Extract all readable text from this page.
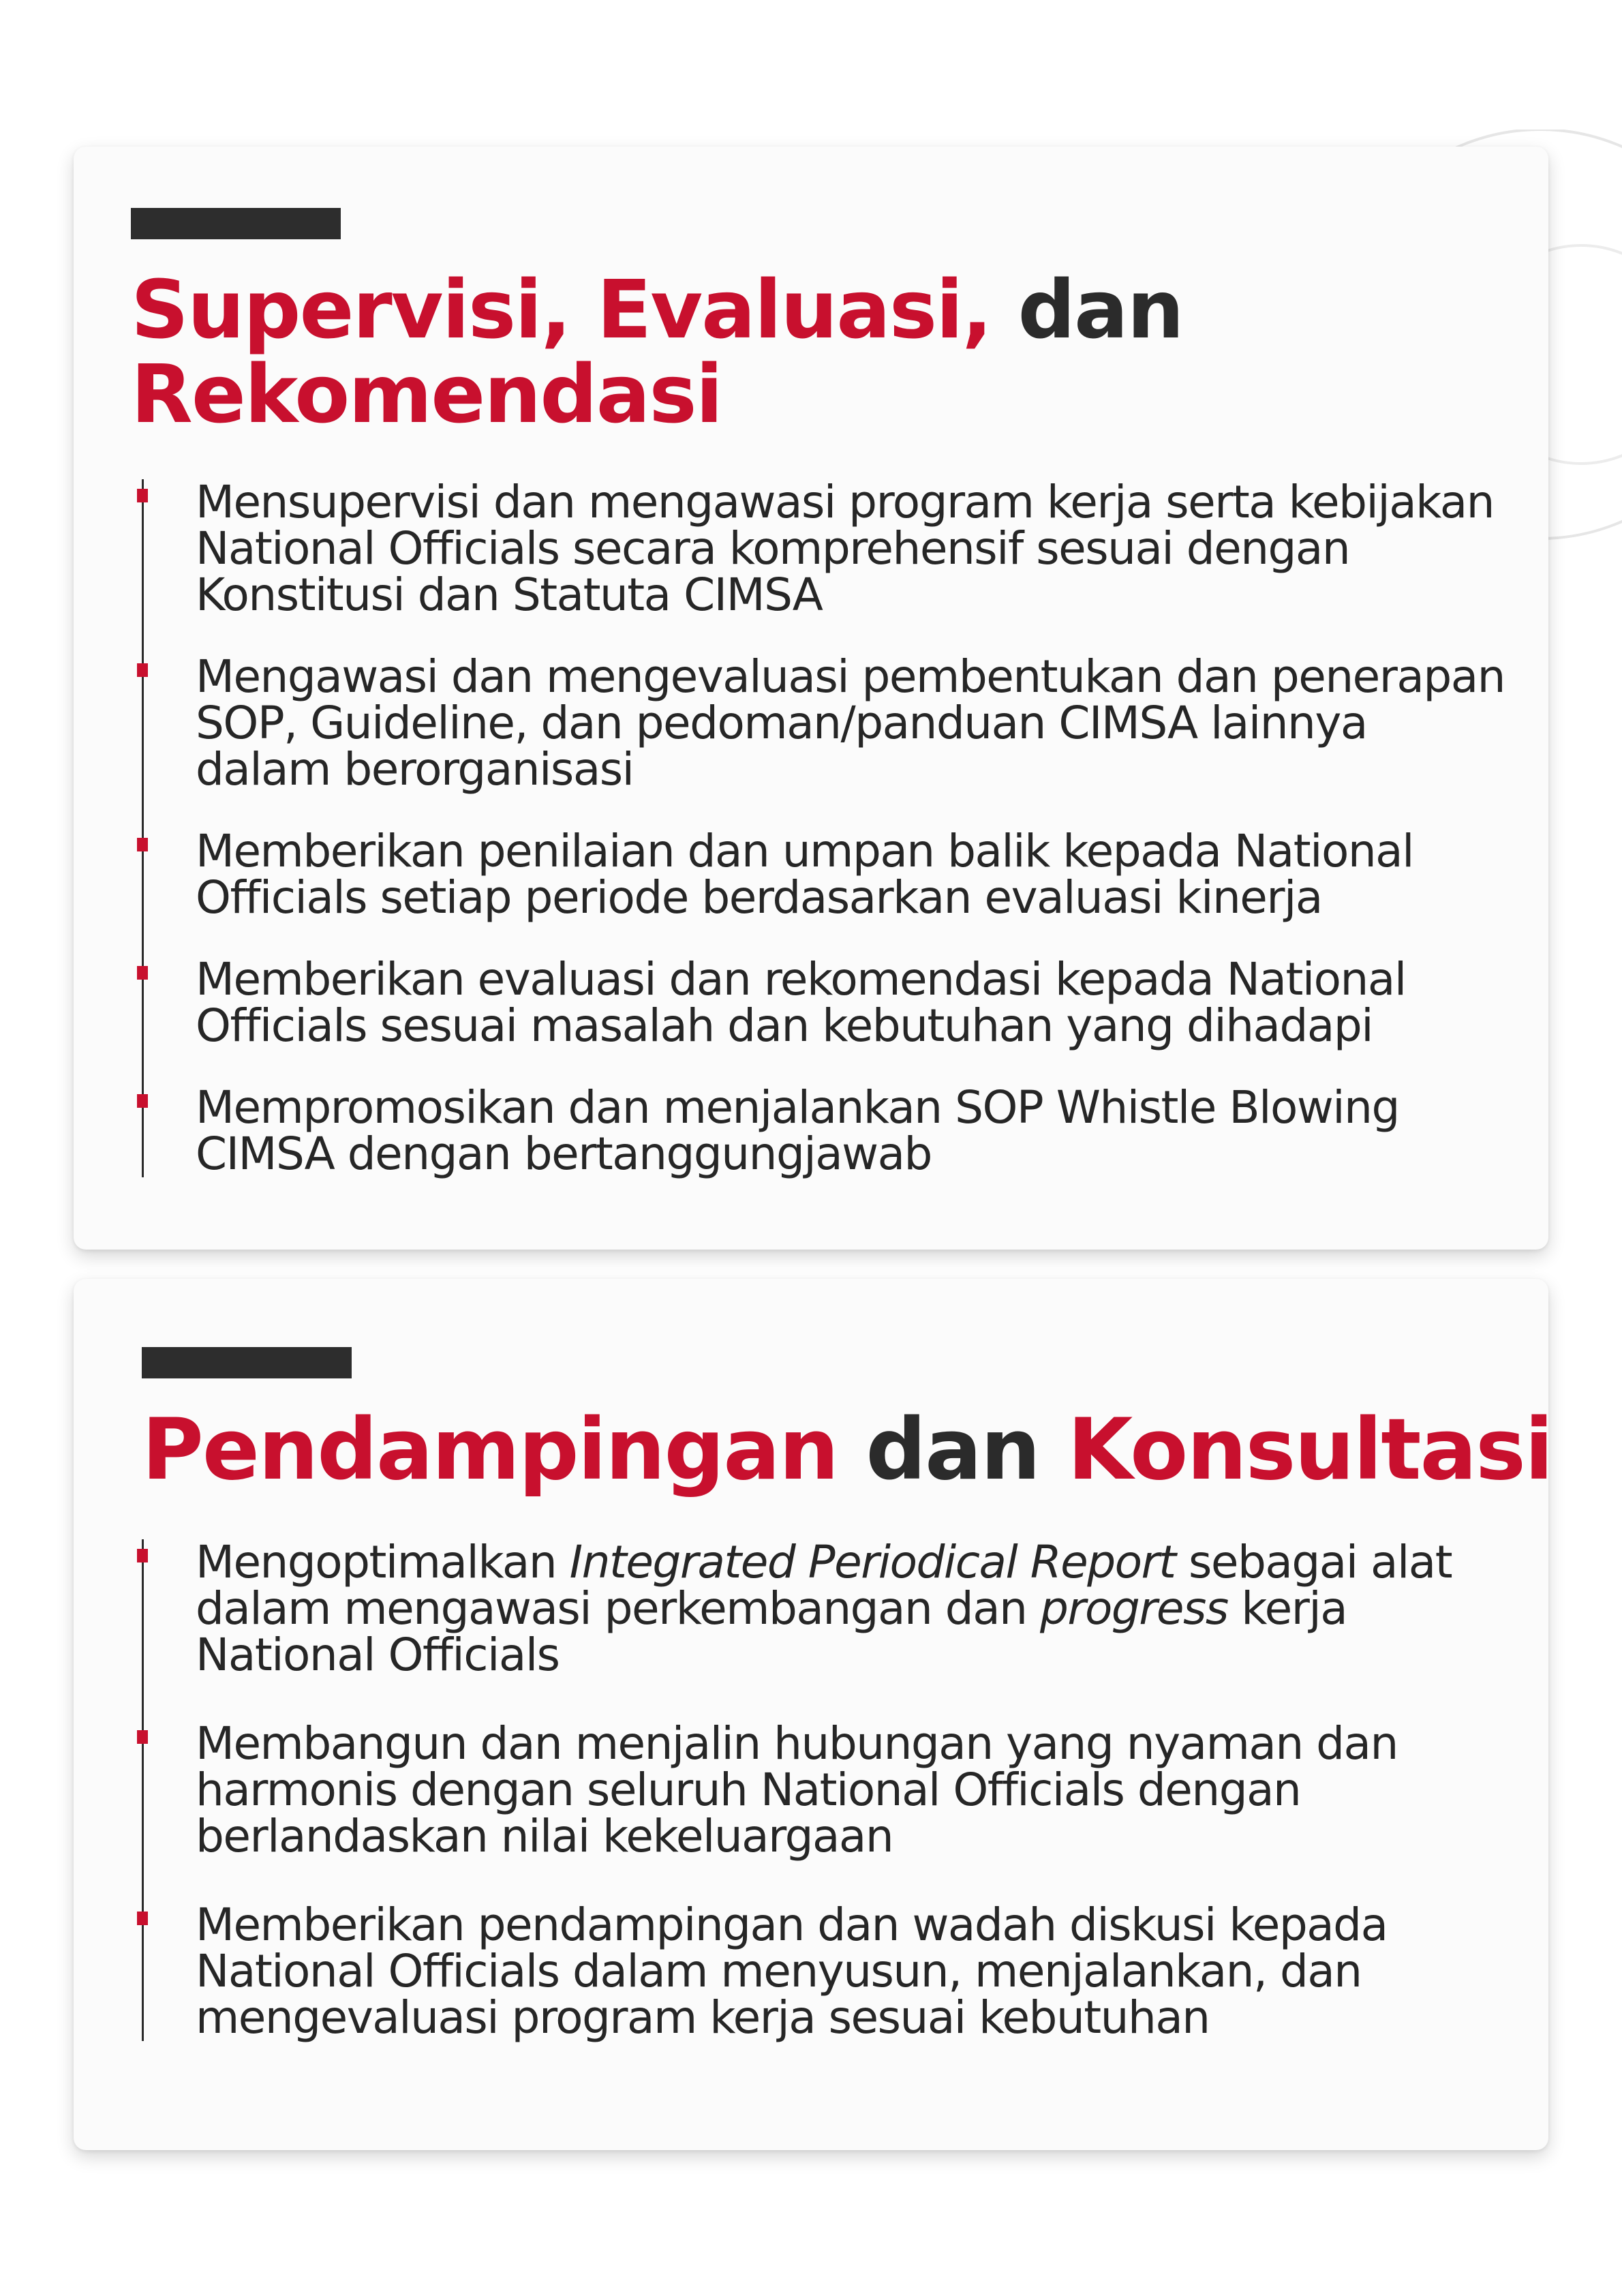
Supervisi, Evaluasi, dan
Rekomendasi
Mensupervisi dan mengawasi program kerja serta kebijakan
National Officials secara komprehensif sesuai dengan
Konstitusi dan Statuta CIMSA
Mengawasi dan mengevaluasi pembentukan dan penerapan
SOP, Guideline, dan pedoman/panduan CIMSA lainnya
dalam berorganisasi
Memberikan penilaian dan umpan balik kepada National
Officials setiap periode berdasarkan evaluasi kinerja
Memberikan evaluasi dan rekomendasi kepada National
Officials sesuai masalah dan kebutuhan yang dihadapi
Mempromosikan dan menjalankan SOP Whistle Blowing
CIMSA dengan bertanggungjawab
Pendampingan dan Konsultasi
Mengoptimalkan Integrated Periodical Report sebagai alat
dalam mengawasi perkembangan dan progress kerja
National Officials
Membangun dan menjalin hubungan yang nyaman dan
harmonis dengan seluruh National Officials dengan
berlandaskan nilai kekeluargaan
Memberikan pendampingan dan wadah diskusi kepada
National Officials dalam menyusun, menjalankan, dan
mengevaluasi program kerja sesuai kebutuhan
